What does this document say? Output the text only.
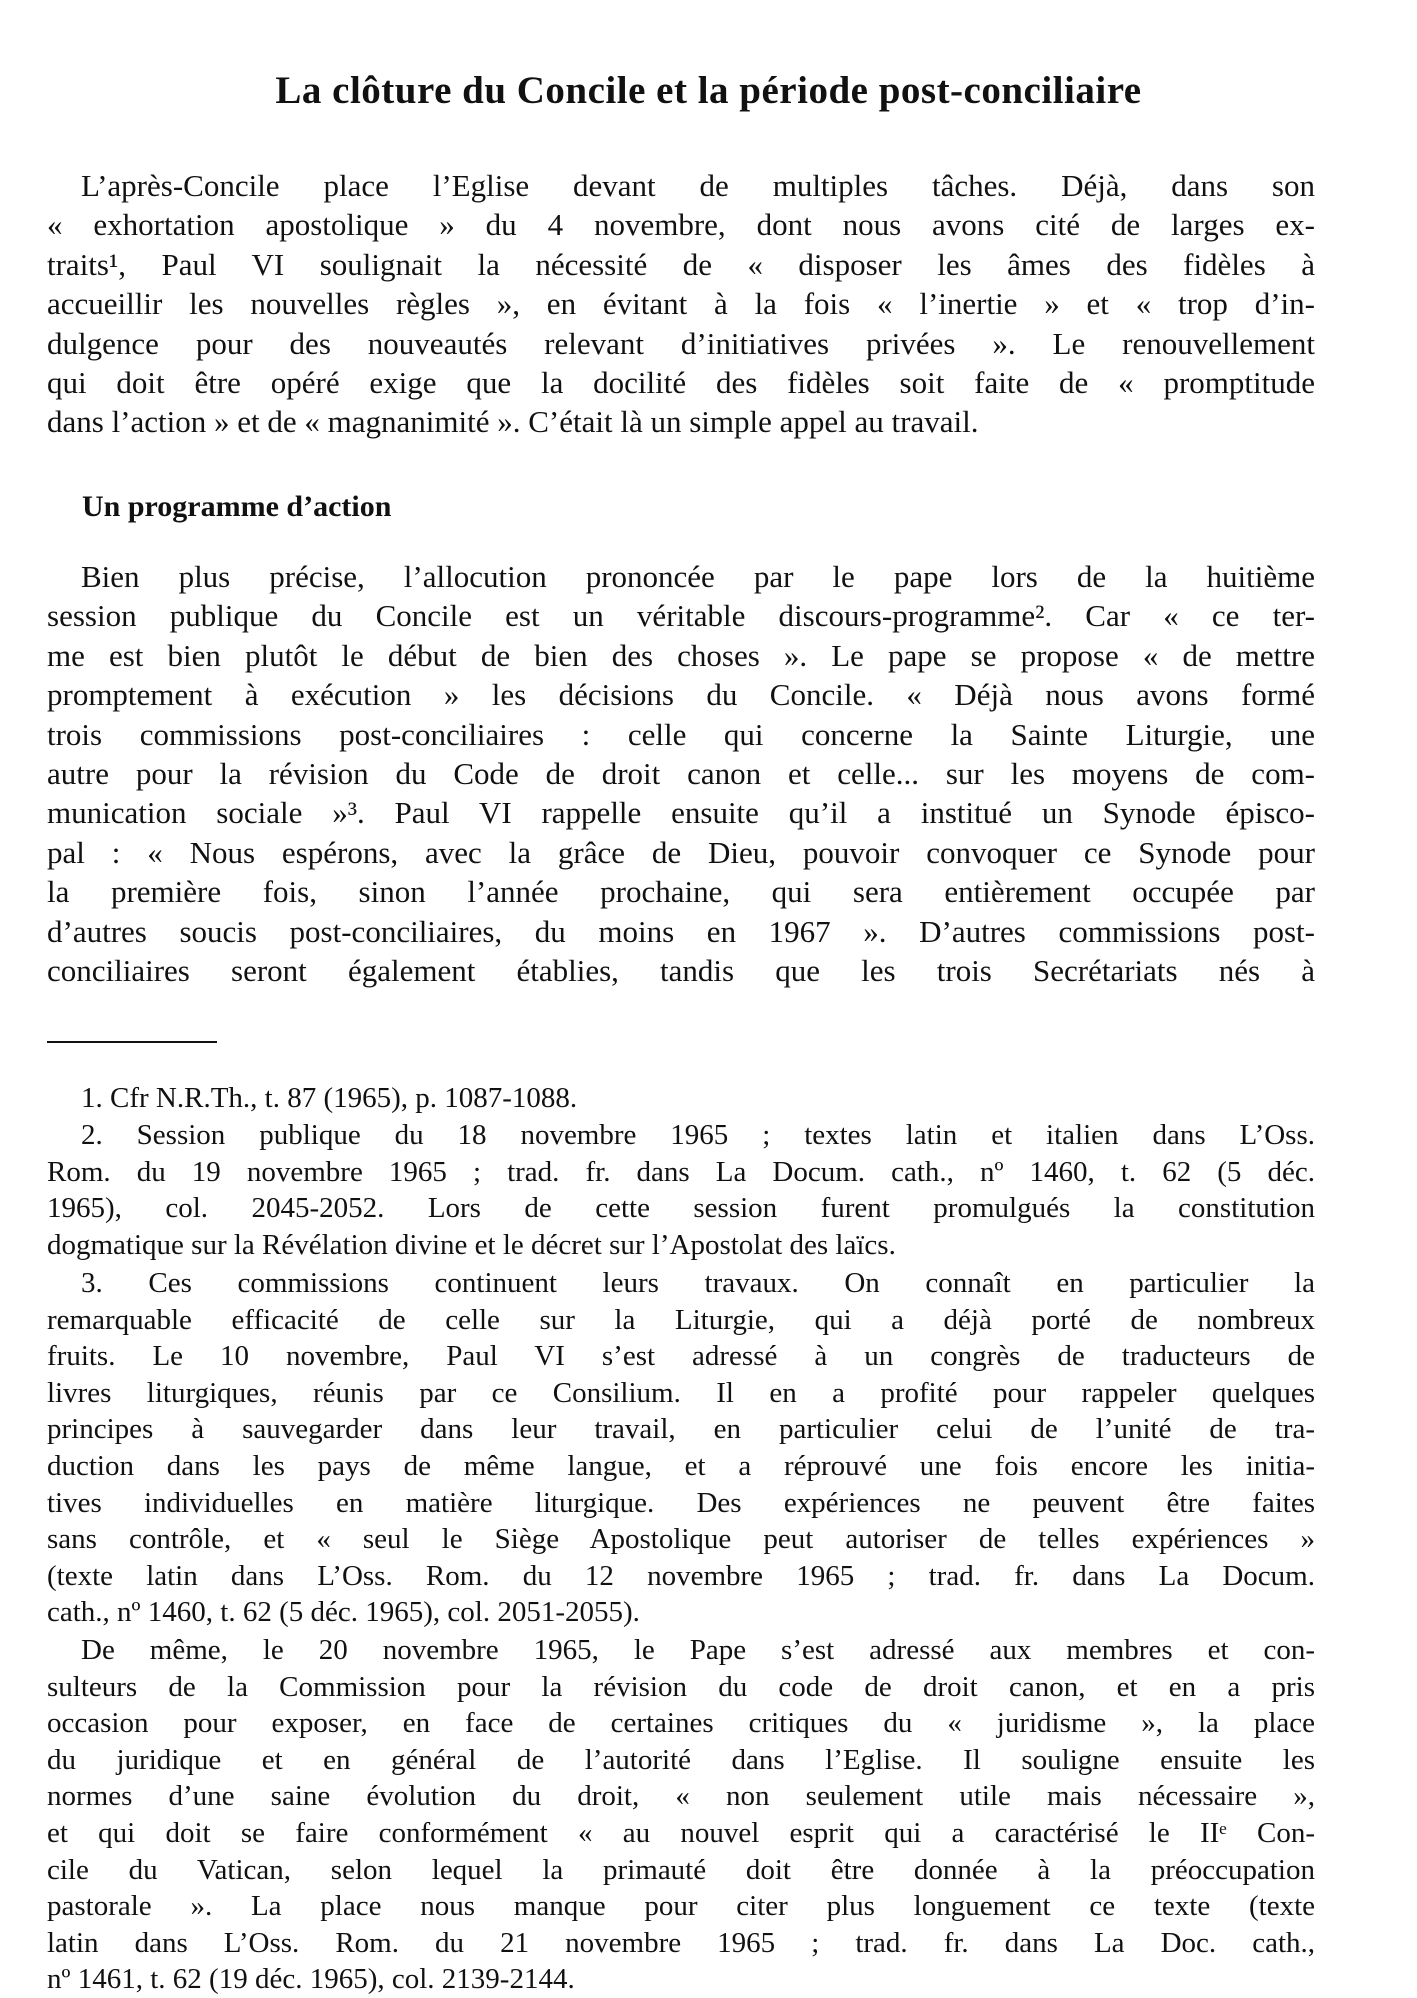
La clôture du Concile et la période post-conciliaire
L’après-Concile place l’Eglise devant de multiples tâches. Déjà, dans son
« exhortation apostolique » du 4 novembre, dont nous avons cité de larges ex-
traits¹, Paul VI soulignait la nécessité de « disposer les âmes des fidèles à
accueillir les nouvelles règles », en évitant à la fois « l’inertie » et « trop d’in-
dulgence pour des nouveautés relevant d’initiatives privées ». Le renouvellement
qui doit être opéré exige que la docilité des fidèles soit faite de « promptitude
dans l’action » et de « magnanimité ». C’était là un simple appel au travail.
Un programme d’action
Bien plus précise, l’allocution prononcée par le pape lors de la huitième
session publique du Concile est un véritable discours-programme². Car « ce ter-
me est bien plutôt le début de bien des choses ». Le pape se propose « de mettre
promptement à exécution » les décisions du Concile. « Déjà nous avons formé
trois commissions post-conciliaires : celle qui concerne la Sainte Liturgie, une
autre pour la révision du Code de droit canon et celle... sur les moyens de com-
munication sociale »³. Paul VI rappelle ensuite qu’il a institué un Synode épisco-
pal : « Nous espérons, avec la grâce de Dieu, pouvoir convoquer ce Synode pour
la première fois, sinon l’année prochaine, qui sera entièrement occupée par
d’autres soucis post-conciliaires, du moins en 1967 ». D’autres commissions post-
conciliaires seront également établies, tandis que les trois Secrétariats nés à
1. Cfr N.R.Th., t. 87 (1965), p. 1087-1088.
2. Session publique du 18 novembre 1965 ; textes latin et italien dans L’Oss.
Rom. du 19 novembre 1965 ; trad. fr. dans La Docum. cath., nº 1460, t. 62 (5 déc.
1965), col. 2045-2052. Lors de cette session furent promulgués la constitution
dogmatique sur la Révélation divine et le décret sur l’Apostolat des laïcs.
3. Ces commissions continuent leurs travaux. On connaît en particulier la
remarquable efficacité de celle sur la Liturgie, qui a déjà porté de nombreux
fruits. Le 10 novembre, Paul VI s’est adressé à un congrès de traducteurs de
livres liturgiques, réunis par ce Consilium. Il en a profité pour rappeler quelques
principes à sauvegarder dans leur travail, en particulier celui de l’unité de tra-
duction dans les pays de même langue, et a réprouvé une fois encore les initia-
tives individuelles en matière liturgique. Des expériences ne peuvent être faites
sans contrôle, et « seul le Siège Apostolique peut autoriser de telles expériences »
(texte latin dans L’Oss. Rom. du 12 novembre 1965 ; trad. fr. dans La Docum.
cath., nº 1460, t. 62 (5 déc. 1965), col. 2051-2055).
De même, le 20 novembre 1965, le Pape s’est adressé aux membres et con-
sulteurs de la Commission pour la révision du code de droit canon, et en a pris
occasion pour exposer, en face de certaines critiques du « juridisme », la place
du juridique et en général de l’autorité dans l’Eglise. Il souligne ensuite les
normes d’une saine évolution du droit, « non seulement utile mais nécessaire »,
et qui doit se faire conformément « au nouvel esprit qui a caractérisé le IIᵉ Con-
cile du Vatican, selon lequel la primauté doit être donnée à la préoccupation
pastorale ». La place nous manque pour citer plus longuement ce texte (texte
latin dans L’Oss. Rom. du 21 novembre 1965 ; trad. fr. dans La Doc. cath.,
nº 1461, t. 62 (19 déc. 1965), col. 2139-2144.
